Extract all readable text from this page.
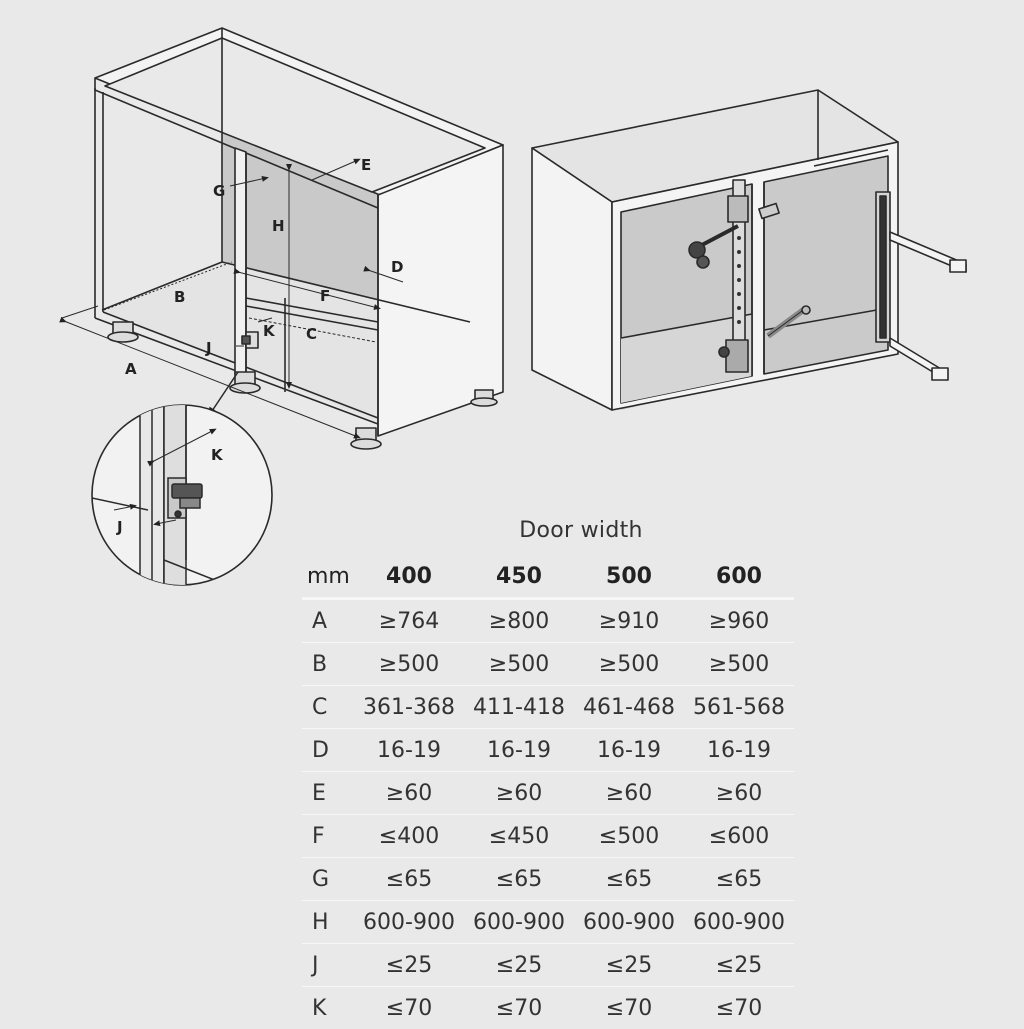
A
B
C
D
E
F
G
H
J
K
K
J	Door width
mm	400	450	500	600
A	≥764	≥800	≥910	≥960
B	≥500	≥500	≥500	≥500
C	361-368	411-418	461-468	561-568
D	16-19	16-19	16-19	16-19
E	≥60	≥60	≥60	≥60
F	≤400	≤450	≤500	≤600
G	≤65	≤65	≤65	≤65
H	600-900	600-900	600-900	600-900
J	≤25	≤25	≤25	≤25
K	≤70	≤70	≤70	≤70
